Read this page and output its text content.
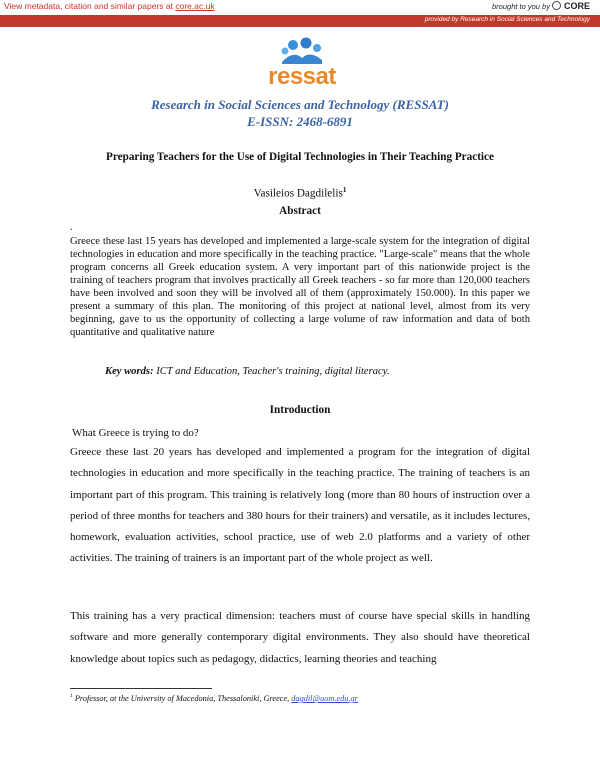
View metadata, citation and similar papers at core.ac.uk	brought to you by CORE
provided by Research in Social Sciences and Technology
ressat
Research in Social Sciences and Technology (RESSAT)
E-ISSN: 2468-6891
Preparing Teachers for the Use of Digital Technologies in Their Teaching Practice
Vasileios Dagdilelis$^1$
Abstract
.
Greece these last 15 years has developed and implemented a large-scale system for the integration of digital technologies in education and more specifically in the teaching practice. "Large-scale" means that the whole program concerns all Greek education system. A very important part of this nationwide project is the training of teachers program that involves practically all Greek teachers - so far more than 120,000 teachers have been involved and soon they will be involved all of them (approximately 150.000). In this paper we present a summary of this plan. The monitoring of this project at national level, almost from its very beginning, gave to us the opportunity of collecting a large volume of raw information and data of both quantitative and qualitative nature
Key words: ICT and Education, Teacher's training, digital literacy.
Introduction
What Greece is trying to do?
Greece these last 20 years has developed and implemented a program for the integration of digital technologies in education and more specifically in the teaching practice. The training of teachers is an important part of this program. This training is relatively long (more than 80 hours of instruction over a period of three months for teachers and 380 hours for their trainers) and versatile, as it includes lectures, homework, evaluation activities, school practice, use of web 2.0 platforms and a variety of other activities. The training of trainers is an important part of the whole project as well.
This training has a very practical dimension: teachers must of course have special skills in handling software and more generally contemporary digital environments. They also should have theoretical knowledge about topics such as pedagogy, didactics, learning theories and teaching
$^1$ Professor, at the University of Macedonia, Thessaloniki, Greece, dagdil@uom.edu.gr
